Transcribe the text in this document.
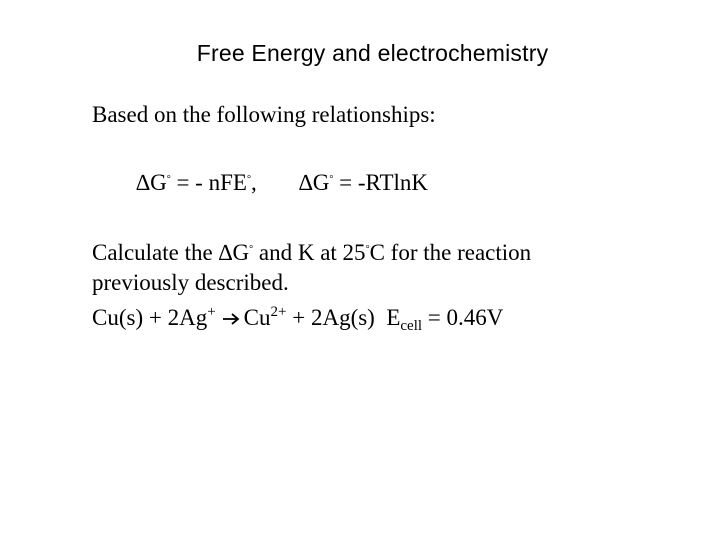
Free Energy and electrochemistry
Based on the following relationships:
∆G° = - nFE°, ∆G° = -RTlnK
Calculate the ∆G° and K at 25°C for the reaction
previously described.
$Cu(s) + 2Ag^+ \to Cu^{2+} + 2Ag(s) E_{cell} = 0.46V$
